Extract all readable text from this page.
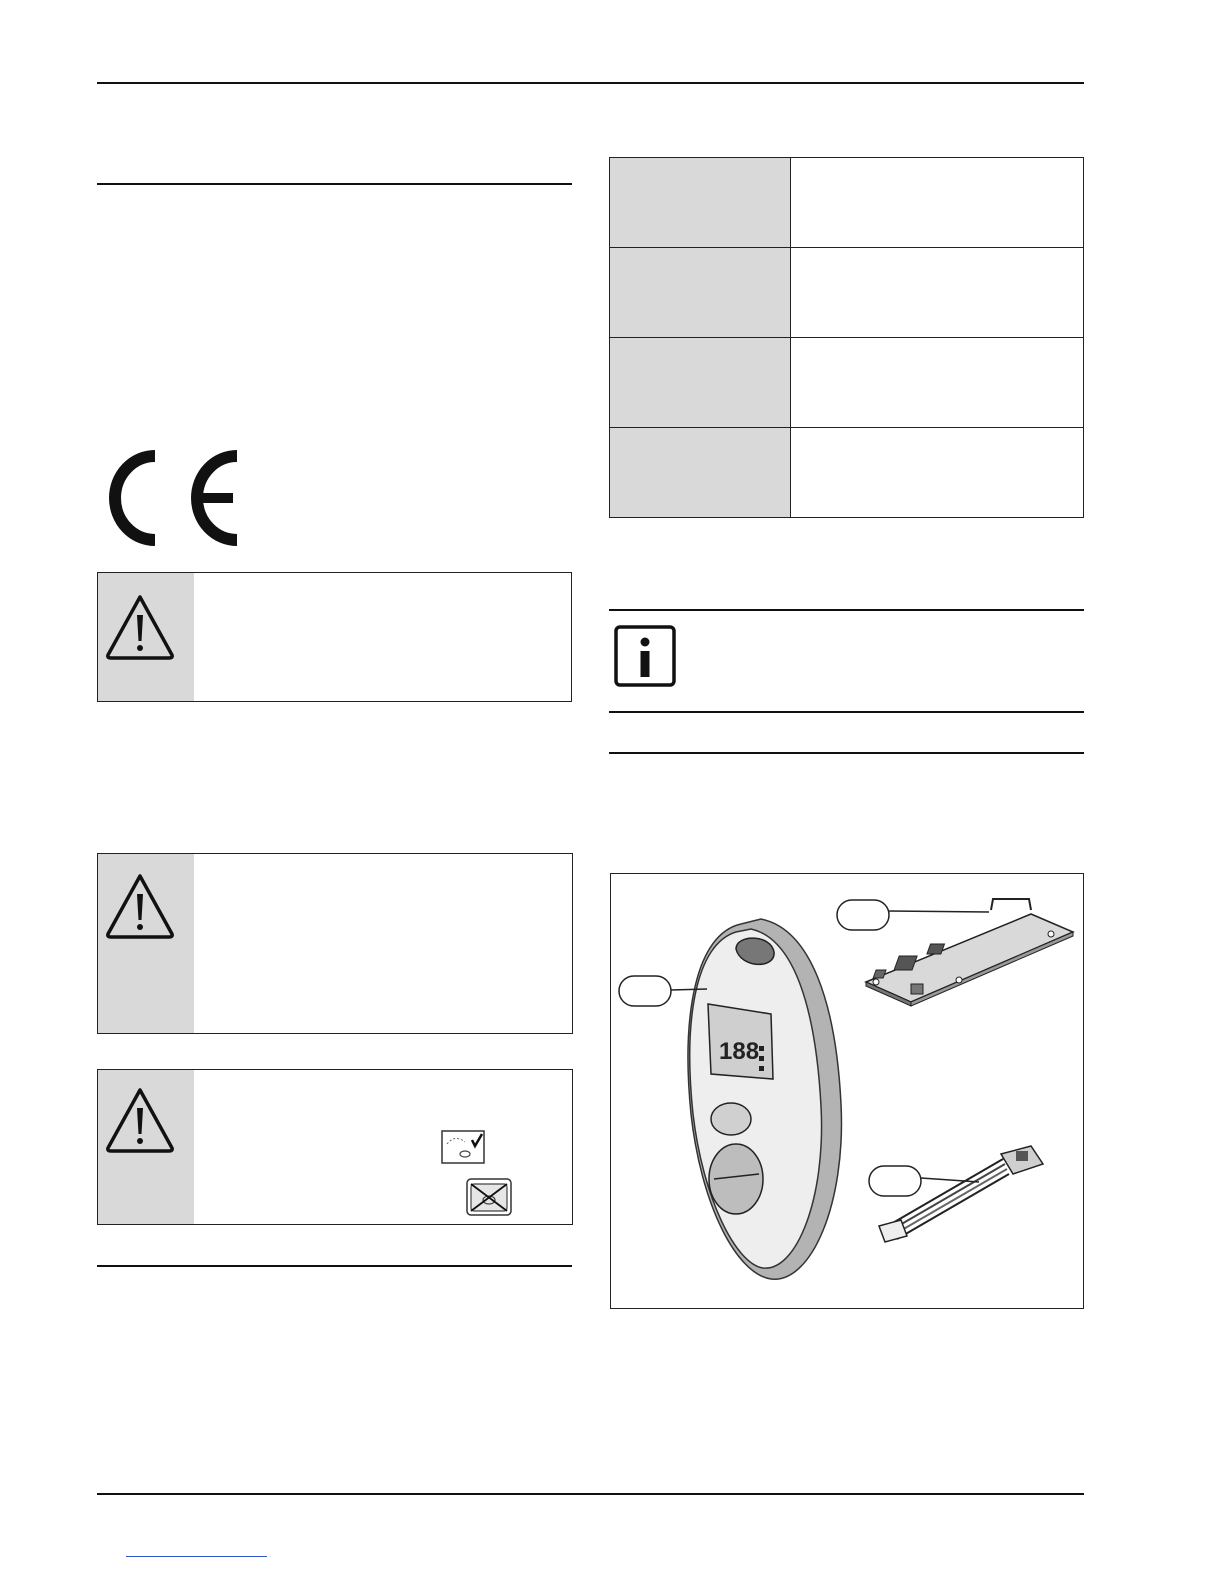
188
